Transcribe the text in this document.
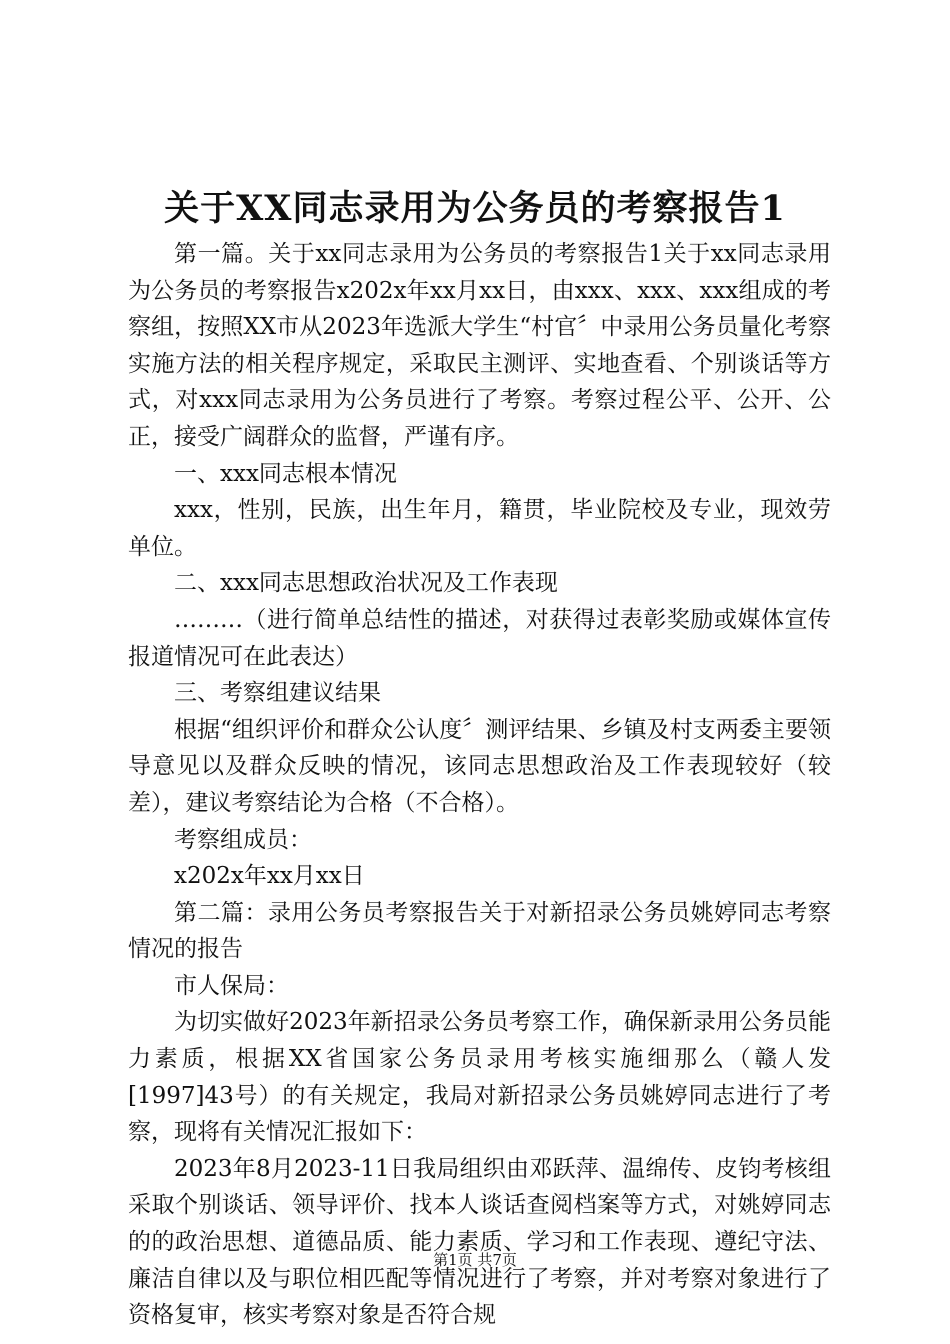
关于XX同志录用为公务员的考察报告1

第一篇。关于xx同志录用为公务员的考察报告1关于xx同志录用为公务员的考察报告x202x年xx月xx日，由xxx、xxx、xxx组成的考察组，按照XX市从2023年选派大学生“村官〞中录用公务员量化考察实施方法的相关程序规定，采取民主测评、实地查看、个别谈话等方式，对xxx同志录用为公务员进行了考察。考察过程公平、公开、公正，接受广阔群众的监督，严谨有序。

一、xxx同志根本情况

xxx，性别，民族，出生年月，籍贯，毕业院校及专业，现效劳单位。

二、xxx同志思想政治状况及工作表现

………（进行简单总结性的描述，对获得过表彰奖励或媒体宣传报道情况可在此表达）

三、考察组建议结果

根据“组织评价和群众公认度〞测评结果、乡镇及村支两委主要领导意见以及群众反映的情况，该同志思想政治及工作表现较好（较差），建议考察结论为合格（不合格）。

考察组成员：

x202x年xx月xx日

第二篇：录用公务员考察报告关于对新招录公务员姚婷同志考察情况的报告

市人保局：

为切实做好2023年新招录公务员考察工作，确保新录用公务员能力素质，根据XX省国家公务员录用考核实施细那么（赣人发[1997]43号）的有关规定，我局对新招录公务员姚婷同志进行了考察，现将有关情况汇报如下：

2023年8月2023-11日我局组织由邓跃萍、温绵传、皮钧考核组采取个别谈话、领导评价、找本人谈话查阅档案等方式，对姚婷同志的的政治思想、道德品质、能力素质、学习和工作表现、遵纪守法、廉洁自律以及与职位相匹配等情况进行了考察，并对考察对象进行了资格复审，核实考察对象是否符合规

第1页 共7页
